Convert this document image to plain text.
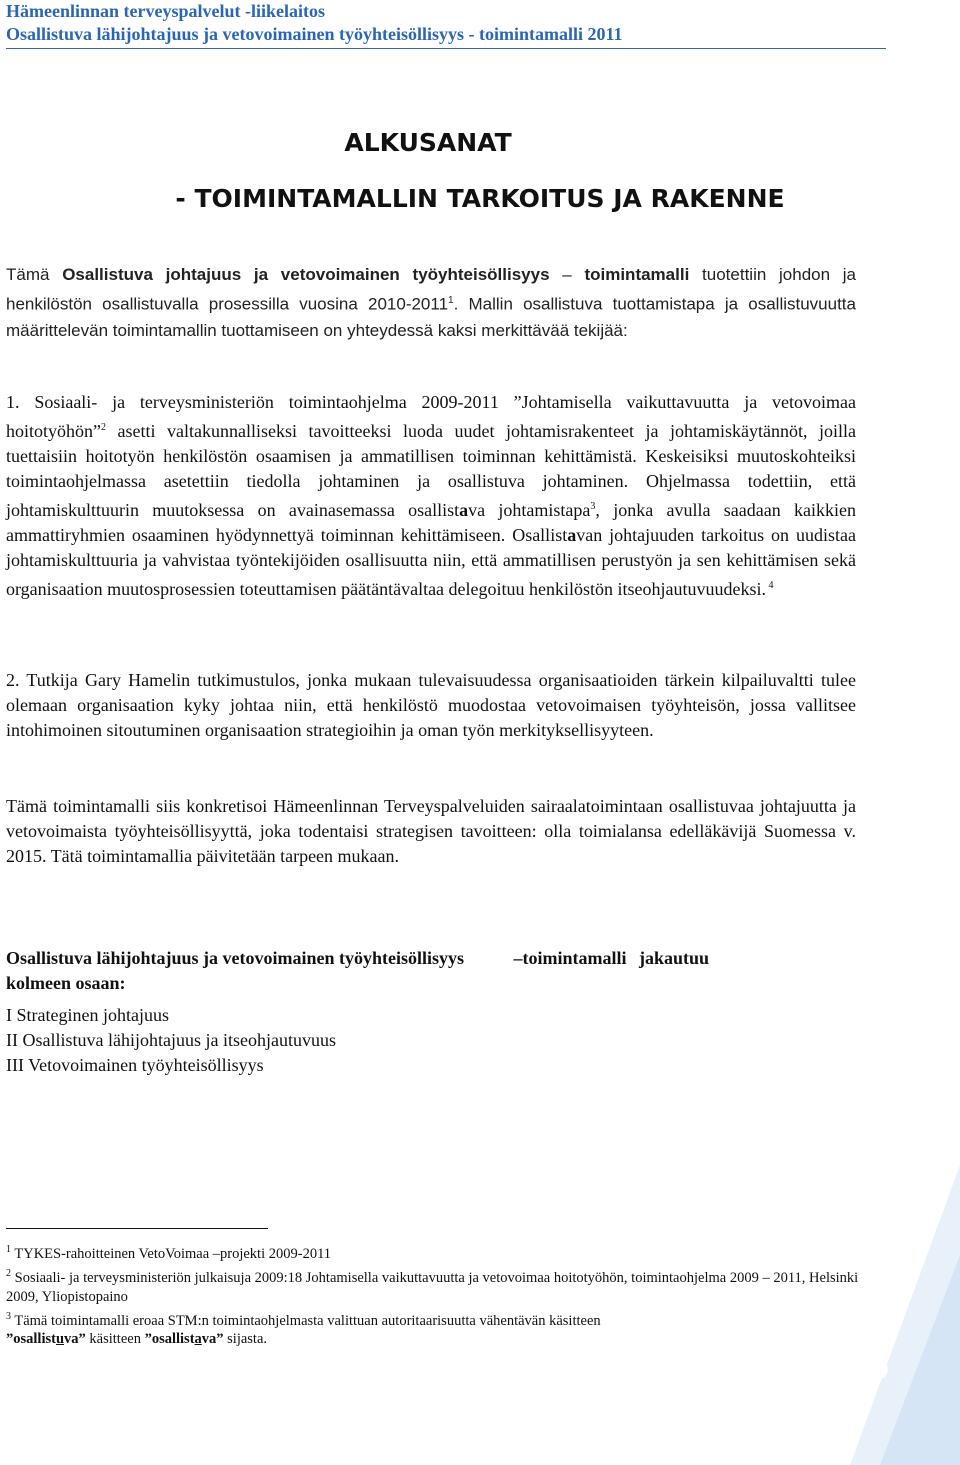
Hämeenlinnan terveyspalvelut -liikelaitos
Osallistuva lähijohtajuus ja vetovoimainen työyhteisöllisyys - toimintamalli 2011
ALKUSANAT
- TOIMINTAMALLIN TARKOITUS JA RAKENNE

Tämä Osallistuva johtajuus ja vetovoimainen työyhteisöllisyys – toimintamalli tuotettiin johdon ja henkilöstön osallistuvalla prosessilla vuosina 2010-2011$^1$. Mallin osallistuva tuottamistapa ja osallistuvuutta määrittelevän toimintamallin tuottamiseen on yhteydessä kaksi merkittävää tekijää:

1. Sosiaali- ja terveysministeriön toimintaohjelma 2009-2011 ”Johtamisella vaikuttavuutta ja vetovoimaa hoitotyöhön”$^2$ asetti valtakunnalliseksi tavoitteeksi luoda uudet johtamisrakenteet ja johtamiskäytännöt, joilla tuettaisiin hoitotyön henkilöstön osaamisen ja ammatillisen toiminnan kehittämistä. Keskeisiksi muutoskohteiksi toimintaohjelmassa asetettiin tiedolla johtaminen ja osallistuva johtaminen. Ohjelmassa todettiin, että johtamiskulttuurin muutoksessa on avainasemassa osallistava johtamistapa$^3$, jonka avulla saadaan kaikkien ammattiryhmien osaaminen hyödynnettyä toiminnan kehittämiseen. Osallistavan johtajuuden tarkoitus on uudistaa johtamiskulttuuria ja vahvistaa työntekijöiden osallisuutta niin, että ammatillisen perustyön ja sen kehittämisen sekä organisaation muutosprosessien toteuttamisen päätäntävaltaa delegoituu henkilöstön itseohjautuvuudeksi. $^4$

2. Tutkija Gary Hamelin tutkimustulos, jonka mukaan tulevaisuudessa organisaatioiden tärkein kilpailuvaltti tulee olemaan organisaation kyky johtaa niin, että henkilöstö muodostaa vetovoimaisen työyhteisön, jossa vallitsee intohimoinen sitoutuminen organisaation strategioihin ja oman työn merkityksellisyyteen.

Tämä toimintamalli siis konkretisoi Hämeenlinnan Terveyspalveluiden sairaalatoimintaan osallistuvaa johtajuutta ja vetovoimaista työyhteisöllisyyttä, joka todentaisi strategisen tavoitteen: olla toimialansa edelläkävijä Suomessa v. 2015. Tätä toimintamallia päivitetään tarpeen mukaan.

Osallistuva lähijohtajuus ja vetovoimainen työyhteisöllisyys	–toimintamalli jakautuu
kolmeen osaan:

I Strateginen johtajuus
II Osallistuva lähijohtajuus ja itseohjautuvuus
III Vetovoimainen työyhteisöllisyys
$^1$ TYKES-rahoitteinen VetoVoimaa –projekti 2009-2011
$^2$ Sosiaali- ja terveysministeriön julkaisuja 2009:18 Johtamisella vaikuttavuutta ja vetovoimaa hoitotyöhön, toimintaohjelma 2009 – 2011, Helsinki 2009, Yliopistopaino
$^3$ Tämä toimintamalli eroaa STM:n toimintaohjelmasta valittuan autoritaarisuutta vähentävän käsitteen
”osallistuva” käsitteen ”osallistava” sijasta.	3
